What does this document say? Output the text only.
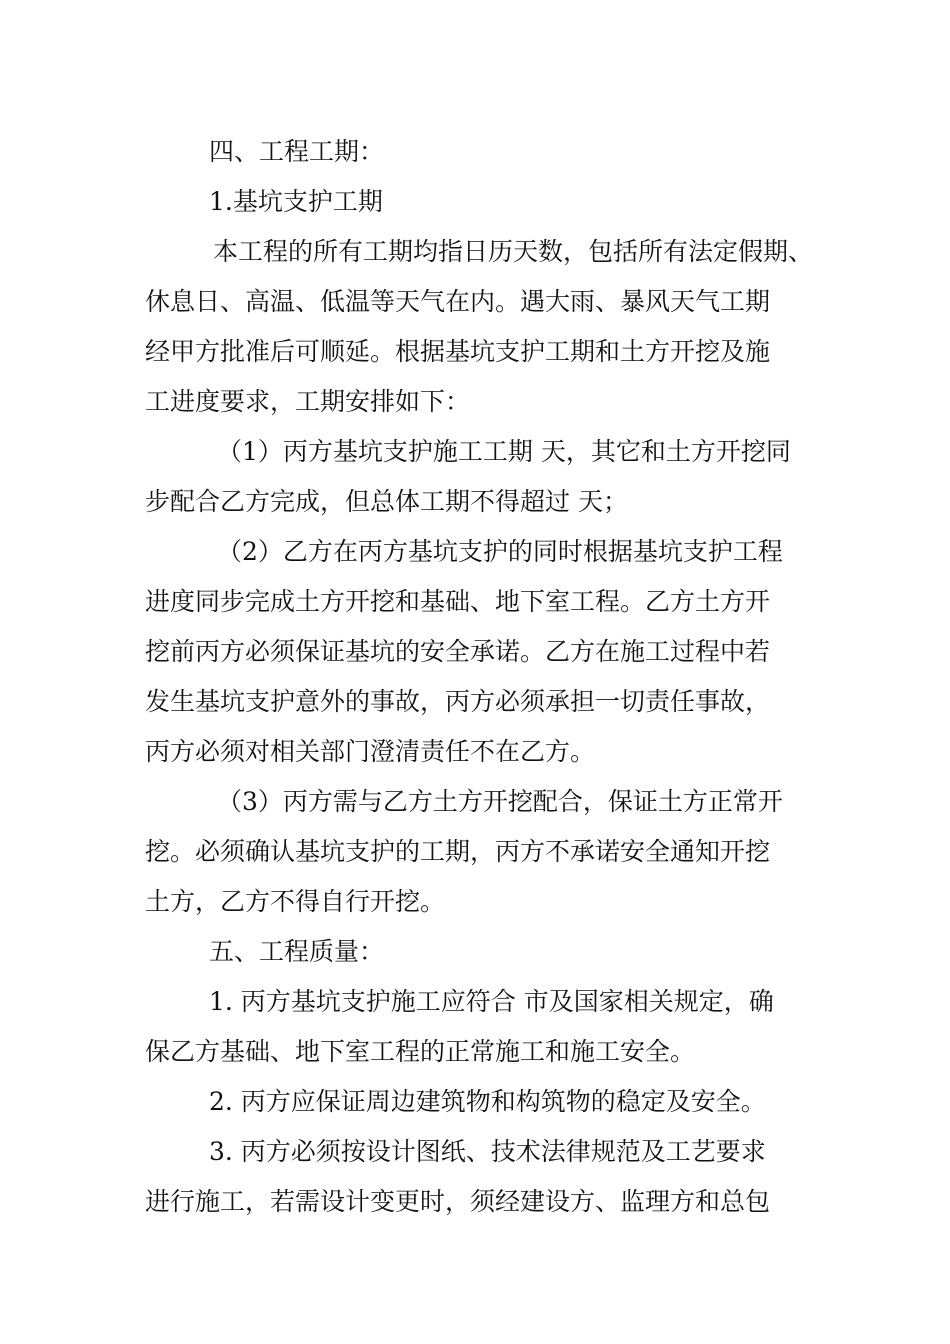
四、工程工期：
1.基坑支护工期
本工程的所有工期均指日历天数，包括所有法定假期、
休息日、高温、低温等天气在内。遇大雨、暴风天气工期
经甲方批准后可顺延。根据基坑支护工期和土方开挖及施
工进度要求，工期安排如下：
（1）丙方基坑支护施工工期 天，其它和土方开挖同
步配合乙方完成，但总体工期不得超过 天；
（2）乙方在丙方基坑支护的同时根据基坑支护工程
进度同步完成土方开挖和基础、地下室工程。乙方土方开
挖前丙方必须保证基坑的安全承诺。乙方在施工过程中若
发生基坑支护意外的事故，丙方必须承担一切责任事故，
丙方必须对相关部门澄清责任不在乙方。
（3）丙方需与乙方土方开挖配合，保证土方正常开
挖。必须确认基坑支护的工期，丙方不承诺安全通知开挖
土方，乙方不得自行开挖。
五、工程质量：
1. 丙方基坑支护施工应符合 市及国家相关规定，确
保乙方基础、地下室工程的正常施工和施工安全。
2. 丙方应保证周边建筑物和构筑物的稳定及安全。
3. 丙方必须按设计图纸、技术法律规范及工艺要求
进行施工，若需设计变更时，须经建设方、监理方和总包
